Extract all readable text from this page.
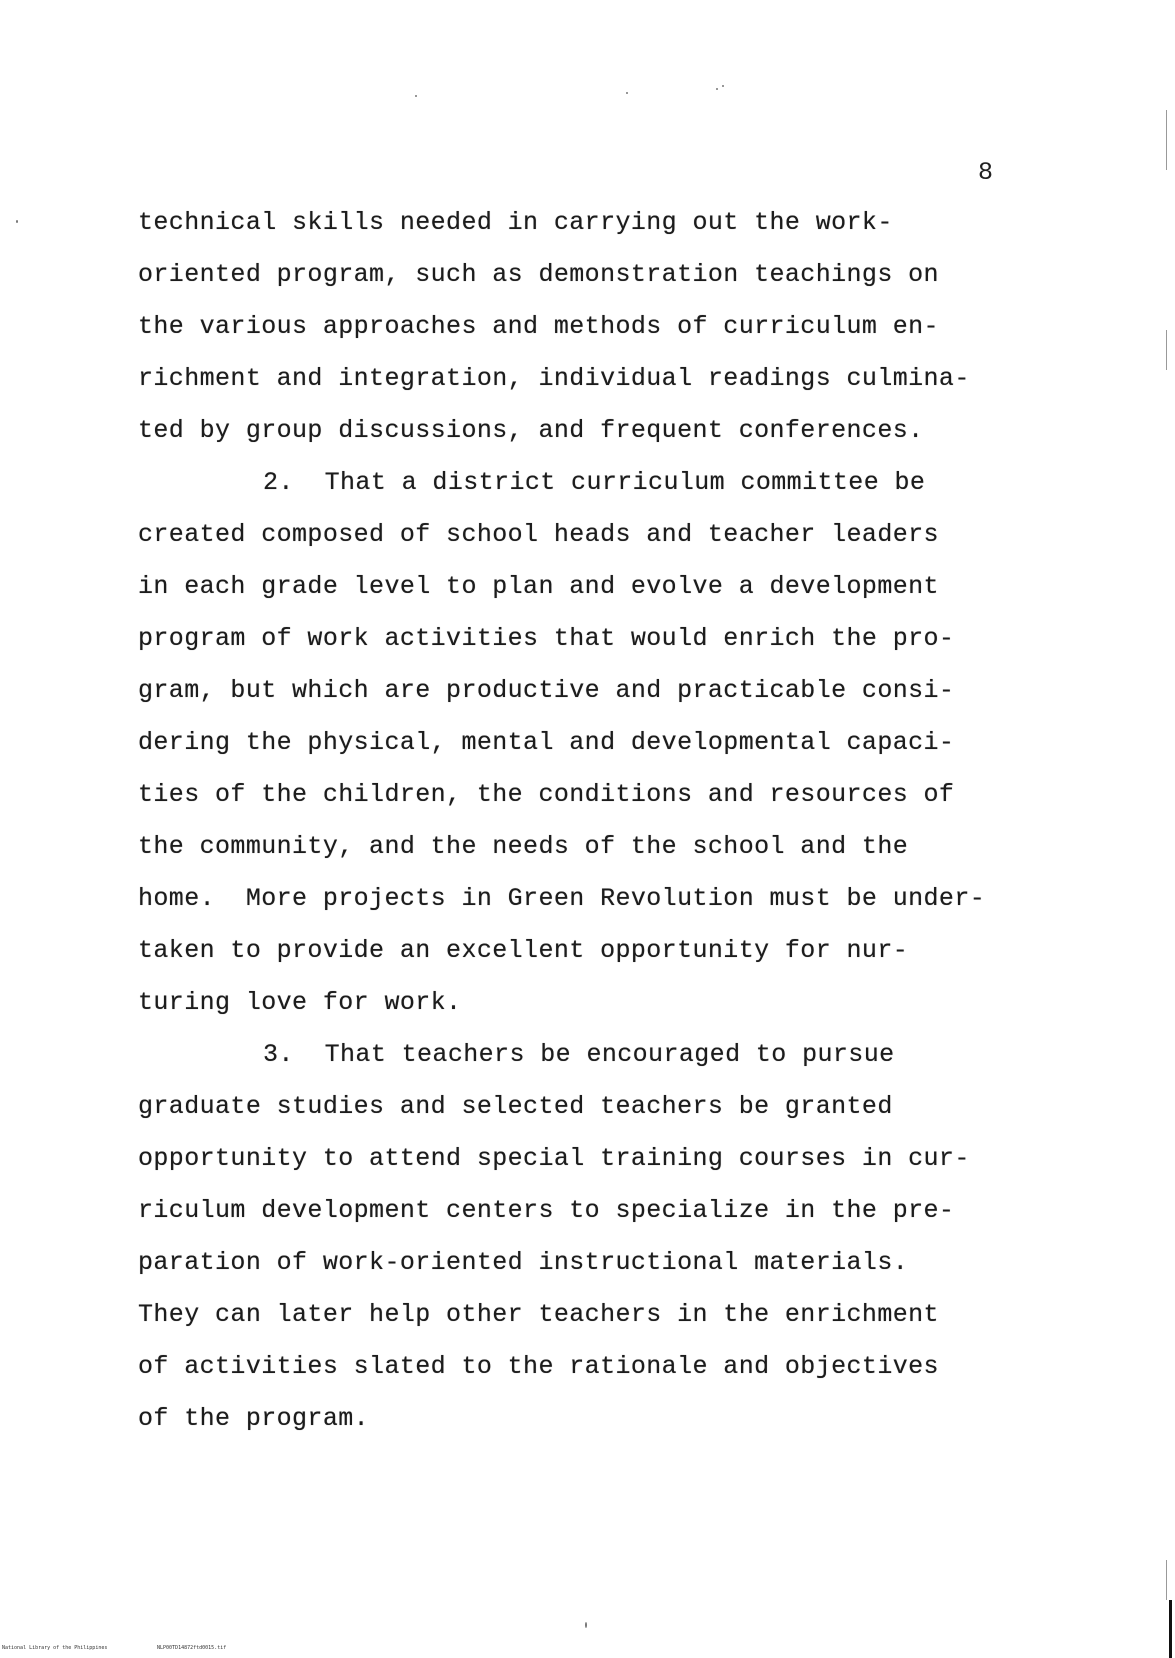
8
technical skills needed in carrying out the work-
oriented program, such as demonstration teachings on
the various approaches and methods of curriculum en-
richment and integration, individual readings culmina-
ted by group discussions, and frequent conferences.
2.  That a district curriculum committee be
created composed of school heads and teacher leaders
in each grade level to plan and evolve a development
program of work activities that would enrich the pro-
gram, but which are productive and practicable consi-
dering the physical, mental and developmental capaci-
ties of the children, the conditions and resources of
the community, and the needs of the school and the
home.  More projects in Green Revolution must be under-
taken to provide an excellent opportunity for nur-
turing love for work.
3.  That teachers be encouraged to pursue
graduate studies and selected teachers be granted
opportunity to attend special training courses in cur-
riculum development centers to specialize in the pre-
paration of work-oriented instructional materials.
They can later help other teachers in the enrichment
of activities slated to the rationale and objectives
of the program.
National Library of the Philippines	NLP00TD14872ftd0015.tif
